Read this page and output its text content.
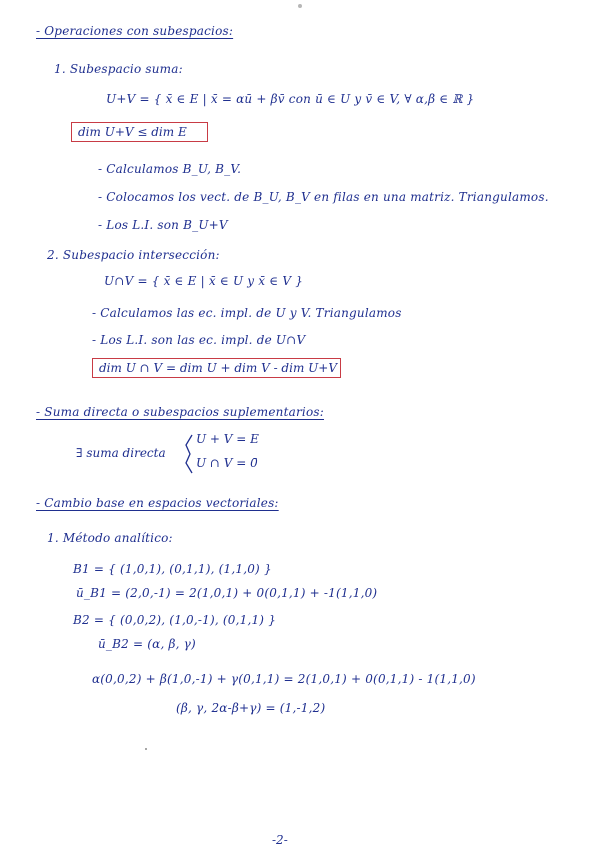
- Operaciones con subespacios:
1. Subespacio suma:
U+V = { x̄ ∈ E | x̄ = αū + βv̄ con ū ∈ U y v̄ ∈ V, ∀ α,β ∈ ℝ }
dim U+V ≤ dim E
- Calculamos B_U, B_V.
- Colocamos los vect. de B_U, B_V en filas en una matriz. Triangulamos.
- Los L.I. son B_U+V
2. Subespacio intersección:
U∩V = { x̄ ∈ E | x̄ ∈ U y x̄ ∈ V }
- Calculamos las ec. impl. de U y V. Triangulamos
- Los L.I. son las ec. impl. de U∩V
dim U ∩ V = dim U + dim V - dim U+V
- Suma directa o subespacios suplementarios:
∃ suma directa
U + V = E
U ∩ V = 0̄
- Cambio base en espacios vectoriales:
1. Método analítico:
B1 = { (1,0,1), (0,1,1), (1,1,0) }
ū_B1 = (2,0,-1) = 2(1,0,1) + 0(0,1,1) + -1(1,1,0)
B2 = { (0,0,2), (1,0,-1), (0,1,1) }
ū_B2 = (α, β, γ)
α(0,0,2) + β(1,0,-1) + γ(0,1,1) = 2(1,0,1) + 0(0,1,1) - 1(1,1,0)
(β, γ, 2α-β+γ) = (1,-1,2)
-2-
